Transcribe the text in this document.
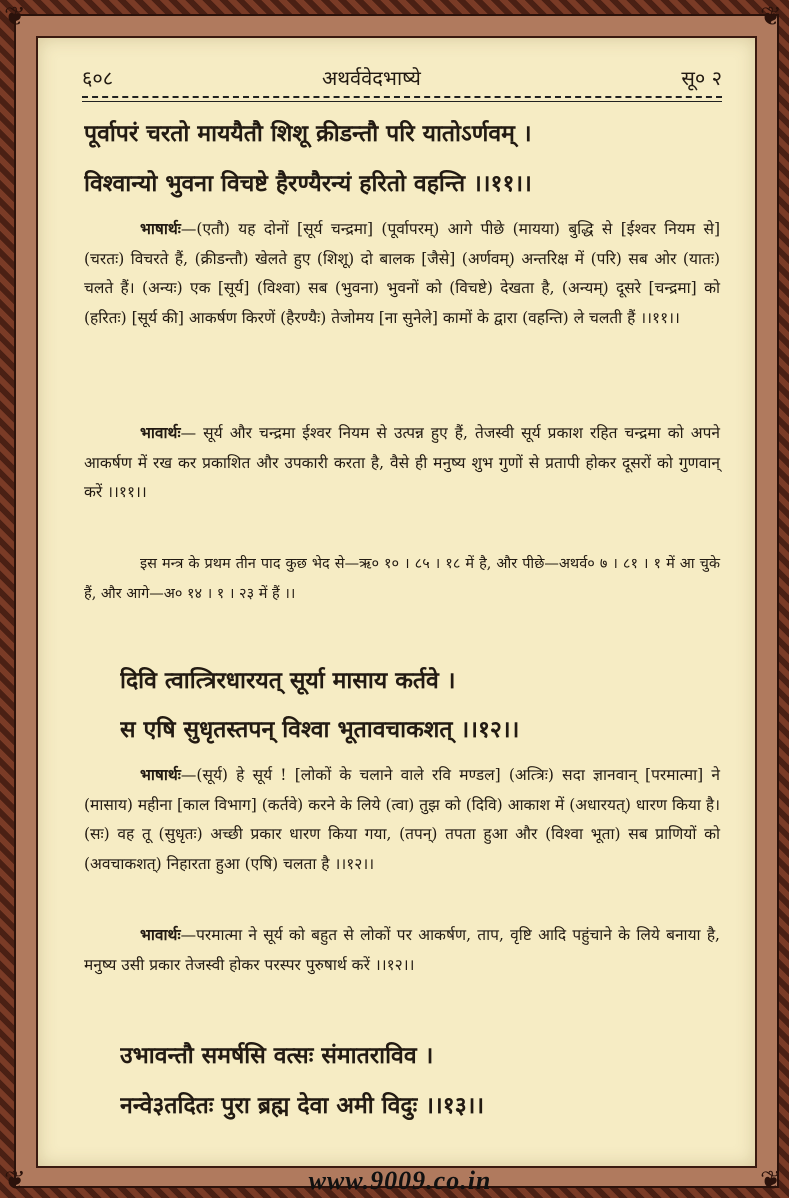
❦	❦
❦	❦
६०८	अथर्ववेदभाष्ये	सू० २
पूर्वापरं चरतो माययैतौ शिशू क्रीडन्तौ परि यातोऽर्णवम् ।
विश्वान्यो भुवना विचष्टे हैरण्यैरन्यं हरितो वहन्ति ।।११।।

भाषार्थः—(एतौ) यह दोनों [सूर्य चन्द्रमा] (पूर्वापरम्) आगे पीछे (मायया) बुद्धि से [ईश्वर नियम से] (चरतः) विचरते हैं, (क्रीडन्तौ) खेलते हुए (शिशू) दो बालक [जैसे] (अर्णवम्) अन्तरिक्ष में (परि) सब ओर (यातः) चलते हैं। (अन्यः) एक [सूर्य] (विश्वा) सब (भुवना) भुवनों को (विचष्टे) देखता है, (अन्यम्) दूसरे [चन्द्रमा] को (हरितः) [सूर्य की] आकर्षण किरणें (हैरण्यैः) तेजोमय [ना सुनेले] कामों के द्वारा (वहन्ति) ले चलती हैं ।।११।।

भावार्थः— सूर्य और चन्द्रमा ईश्वर नियम से उत्पन्न हुए हैं, तेजस्वी सूर्य प्रकाश रहित चन्द्रमा को अपने आकर्षण में रख कर प्रकाशित और उपकारी करता है, वैसे ही मनुष्य शुभ गुणों से प्रतापी होकर दूसरों को गुणवान् करें ।।११।।

इस मन्त्र के प्रथम तीन पाद कुछ भेद से—ऋ० १० । ८५ । १८ में है, और पीछे—अथर्व० ७ । ८१ । १ में आ चुके हैं, और आगे—अ० १४ । १ । २३ में हैं ।।

दिवि त्वात्त्रिरधारयत् सूर्या मासाय कर्तवे ।
स एषि सुधृतस्तपन् विश्वा भूतावचाकशत् ।।१२।।

भाषार्थः—(सूर्य) हे सूर्य ! [लोकों के चलाने वाले रवि मण्डल] (अत्त्रिः) सदा ज्ञानवान् [परमात्मा] ने (मासाय) महीना [काल विभाग] (कर्तवे) करने के लिये (त्वा) तुझ को (दिवि) आकाश में (अधारयत्) धारण किया है। (सः) वह तू (सुधृतः) अच्छी प्रकार धारण किया गया, (तपन्) तपता हुआ और (विश्वा भूता) सब प्राणियों को (अवचाकशत्) निहारता हुआ (एषि) चलता है ।।१२।।

भावार्थः—परमात्मा ने सूर्य को बहुत से लोकों पर आकर्षण, ताप, वृष्टि आदि पहुंचाने के लिये बनाया है, मनुष्य उसी प्रकार तेजस्वी होकर परस्पर पुरुषार्थ करें ।।१२।।

उभावन्तौ समर्षसि वत्सः संमातराविव ।
नन्वे३तदितः पुरा ब्रह्म देवा अमी विदुः ।।१३।।
www.9009.co.in
